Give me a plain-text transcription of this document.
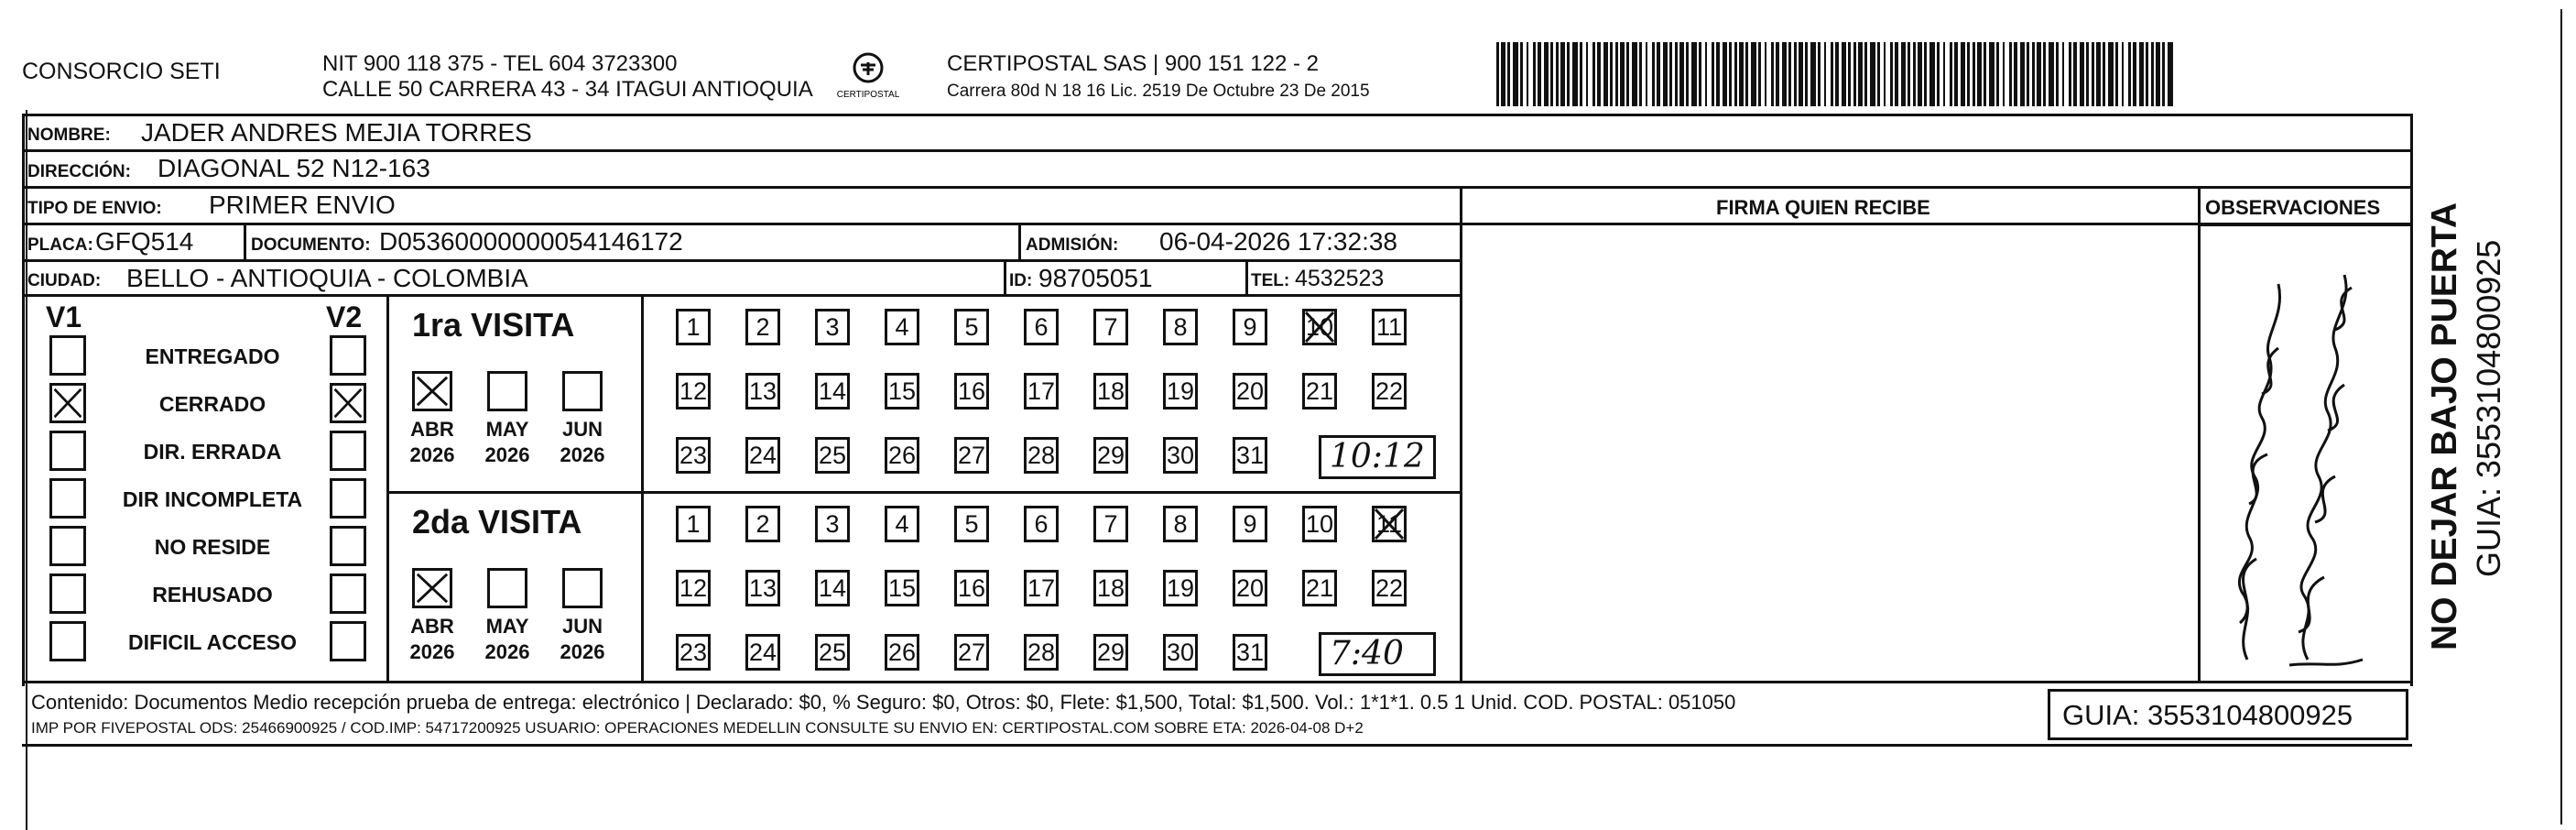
CONSORCIO SETI	NIT 900 118 375 - TEL 604 3723300
CALLE 50 CARRERA 43 - 34 ITAGUI ANTIOQUIA	CERTIPOSTAL
CERTIPOSTAL SAS | 900 151 122 - 2
Carrera 80d N 18 16 Lic. 2519 De Octubre 23 De 2015
NOMBRE: JADER ANDRES MEJIA TORRES
DIRECCIÓN: DIAGONAL 52 N12-163
TIPO DE ENVIO: PRIMER ENVIO	FIRMA QUIEN RECIBE	OBSERVACIONES
PLACA: GFQ514	DOCUMENTO: D05360000000054146172	ADMISIÓN: 06-04-2026 17:32:38
CIUDAD: BELLO - ANTIOQUIA - COLOMBIA	ID: 98705051	TEL: 4532523
V1	V2
ENTREGADO
CERRADO
DIR. ERRADA
DIR INCOMPLETA
NO RESIDE
REHUSADO
DIFICIL ACCESO
1ra VISITA
ABR
2026
MAY
2026
JUN
2026
1	2	3	4	5	6	7	8	9	10 11
12 13 14 15 16 17 18 19 20 21 22
23 24 25 26 27 28 29 30 31 10:12
2da VISITA
ABR
2026
MAY
2026
JUN
2026
1	2	3	4	5	6	7	8	9	10 11
12 13 14 15 16 17 18 19 20 21 22
23 24 25 26 27 28 29 30 31 7:40
Contenido: Documentos Medio recepción prueba de entrega: electrónico | Declarado: $0, % Seguro: $0, Otros: $0, Flete: $1,500, Total: $1,500. Vol.: 1*1*1. 0.5 1 Unid. COD. POSTAL: 051050
IMP POR FIVEPOSTAL ODS: 25466900925 / COD.IMP: 54717200925 USUARIO: OPERACIONES MEDELLIN CONSULTE SU ENVIO EN: CERTIPOSTAL.COM SOBRE ETA: 2026-04-08 D+2	GUIA: 3553104800925
NO DEJAR BAJO PUERTA GUIA: 3553104800925
